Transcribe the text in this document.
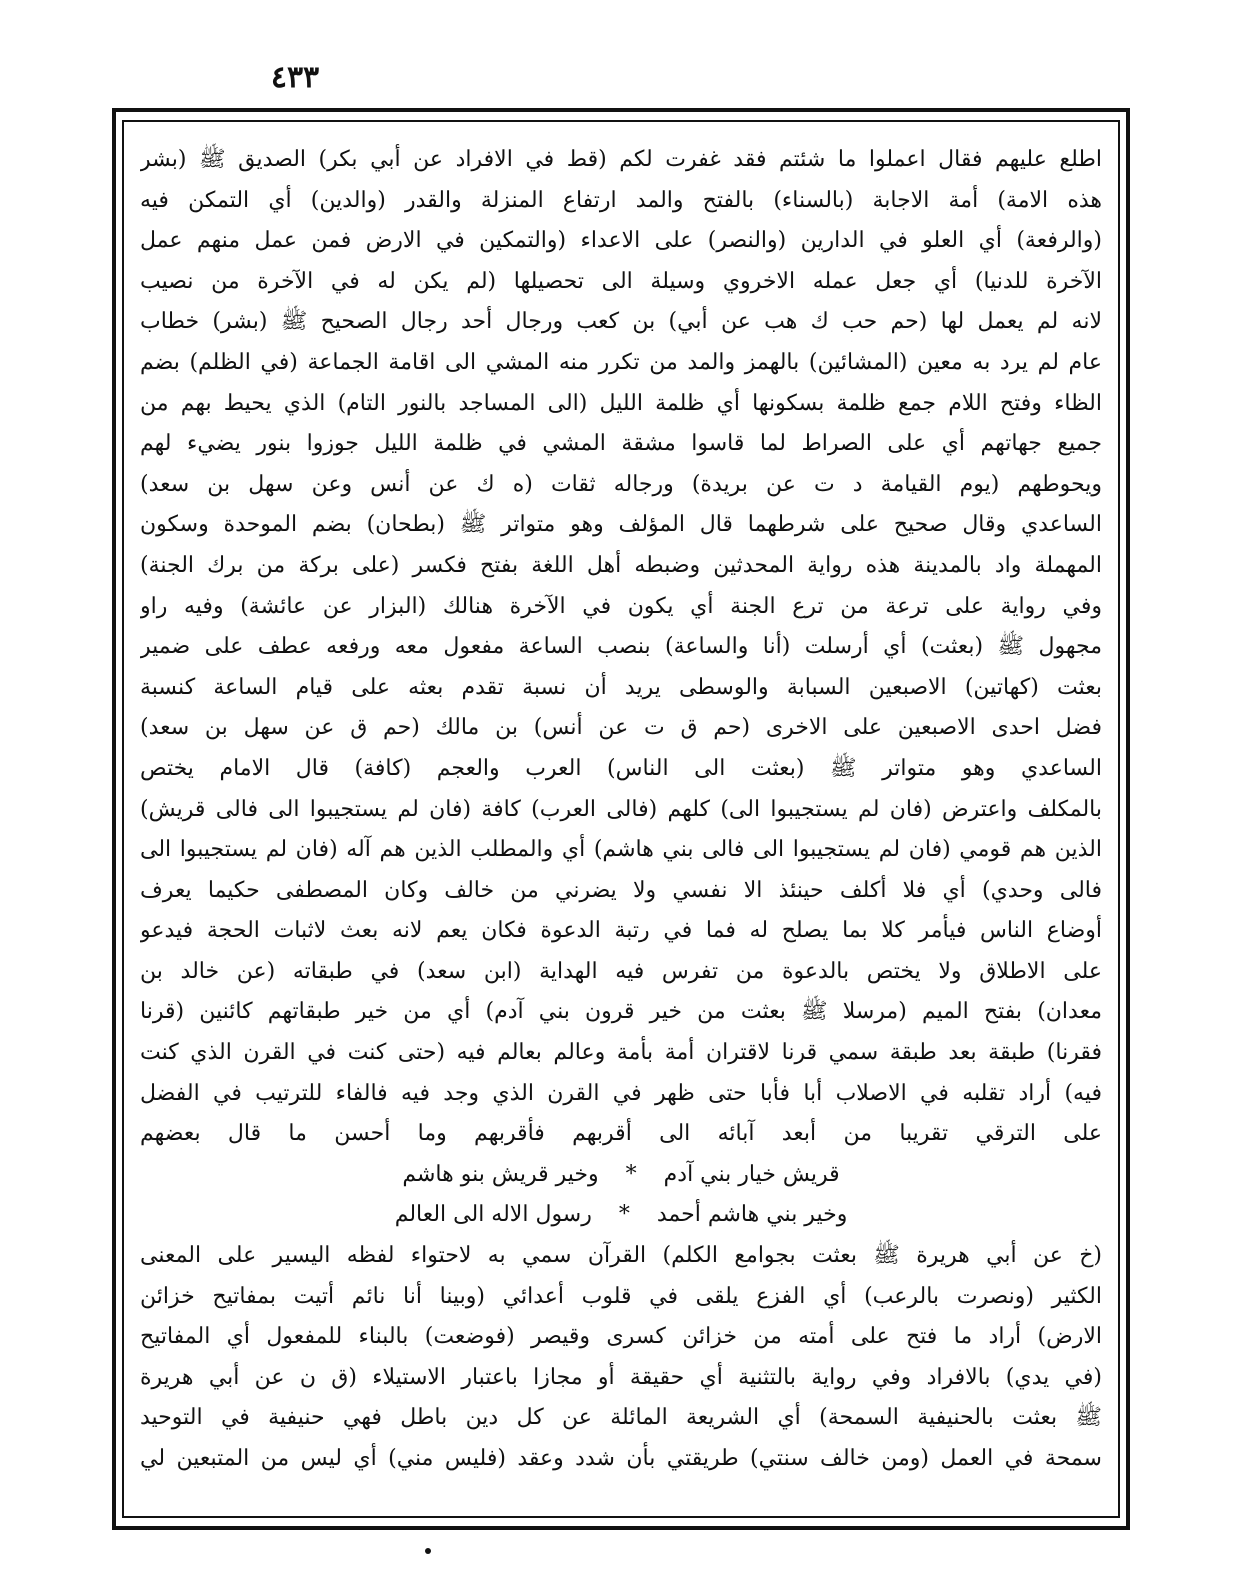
٤٣٣
اطلع عليهم فقال اعملوا ما شئتم فقد غفرت لكم (قط في الافراد عن أبي بكر) الصديق ﷺ (بشر
هذه الامة) أمة الاجابة (بالسناء) بالفتح والمد ارتفاع المنزلة والقدر (والدين) أي التمكن فيه
(والرفعة) أي العلو في الدارين (والنصر) على الاعداء (والتمكين في الارض فمن عمل منهم عمل
الآخرة للدنيا) أي جعل عمله الاخروي وسيلة الى تحصيلها (لم يكن له في الآخرة من نصيب
لانه لم يعمل لها (حم حب ك هب عن أبي) بن كعب ورجال أحد رجال الصحيح ﷺ (بشر) خطاب
عام لم يرد به معين (المشائين) بالهمز والمد من تكرر منه المشي الى اقامة الجماعة (في الظلم) بضم
الظاء وفتح اللام جمع ظلمة بسكونها أي ظلمة الليل (الى المساجد بالنور التام) الذي يحيط بهم من
جميع جهاتهم أي على الصراط لما قاسوا مشقة المشي في ظلمة الليل جوزوا بنور يضيء لهم
ويحوطهم (يوم القيامة د ت عن بريدة) ورجاله ثقات (ه ك عن أنس وعن سهل بن سعد)
الساعدي وقال صحيح على شرطهما قال المؤلف وهو متواتر ﷺ (بطحان) بضم الموحدة وسكون
المهملة واد بالمدينة هذه رواية المحدثين وضبطه أهل اللغة بفتح فكسر (على بركة من برك الجنة)
وفي رواية على ترعة من ترع الجنة أي يكون في الآخرة هنالك (البزار عن عائشة) وفيه راو
مجهول ﷺ (بعثت) أي أرسلت (أنا والساعة) بنصب الساعة مفعول معه ورفعه عطف على ضمير
بعثت (كهاتين) الاصبعين السبابة والوسطى يريد أن نسبة تقدم بعثه على قيام الساعة كنسبة
فضل احدى الاصبعين على الاخرى (حم ق ت عن أنس) بن مالك (حم ق عن سهل بن سعد)
الساعدي وهو متواتر ﷺ (بعثت الى الناس) العرب والعجم (كافة) قال الامام يختص
بالمكلف واعترض (فان لم يستجيبوا الى) كلهم (فالى العرب) كافة (فان لم يستجيبوا الى فالى قريش)
الذين هم قومي (فان لم يستجيبوا الى فالى بني هاشم) أي والمطلب الذين هم آله (فان لم يستجيبوا الى
فالى وحدي) أي فلا أكلف حينئذ الا نفسي ولا يضرني من خالف وكان المصطفى حكيما يعرف
أوضاع الناس فيأمر كلا بما يصلح له فما في رتبة الدعوة فكان يعم لانه بعث لاثبات الحجة فيدعو
على الاطلاق ولا يختص بالدعوة من تفرس فيه الهداية (ابن سعد) في طبقاته (عن خالد بن
معدان) بفتح الميم (مرسلا ﷺ بعثت من خير قرون بني آدم) أي من خير طبقاتهم كائنين (قرنا
فقرنا) طبقة بعد طبقة سمي قرنا لاقتران أمة بأمة وعالم بعالم فيه (حتى كنت في القرن الذي كنت
فيه) أراد تقلبه في الاصلاب أبا فأبا حتى ظهر في القرن الذي وجد فيه فالفاء للترتيب في الفضل
على الترقي تقريبا من أبعد آبائه الى أقربهم فأقربهم وما أحسن ما قال بعضهم
قريش خيار بني آدم * وخير قريش بنو هاشم
وخير بني هاشم أحمد * رسول الاله الى العالم
(خ عن أبي هريرة ﷺ بعثت بجوامع الكلم) القرآن سمي به لاحتواء لفظه اليسير على المعنى
الكثير (ونصرت بالرعب) أي الفزع يلقى في قلوب أعدائي (وبينا أنا نائم أتيت بمفاتيح خزائن
الارض) أراد ما فتح على أمته من خزائن كسرى وقيصر (فوضعت) بالبناء للمفعول أي المفاتيح
(في يدي) بالافراد وفي رواية بالتثنية أي حقيقة أو مجازا باعتبار الاستيلاء (ق ن عن أبي هريرة
ﷺ بعثت بالحنيفية السمحة) أي الشريعة المائلة عن كل دين باطل فهي حنيفية في التوحيد
سمحة في العمل (ومن خالف سنتي) طريقتي بأن شدد وعقد (فليس مني) أي ليس من المتبعين لي
